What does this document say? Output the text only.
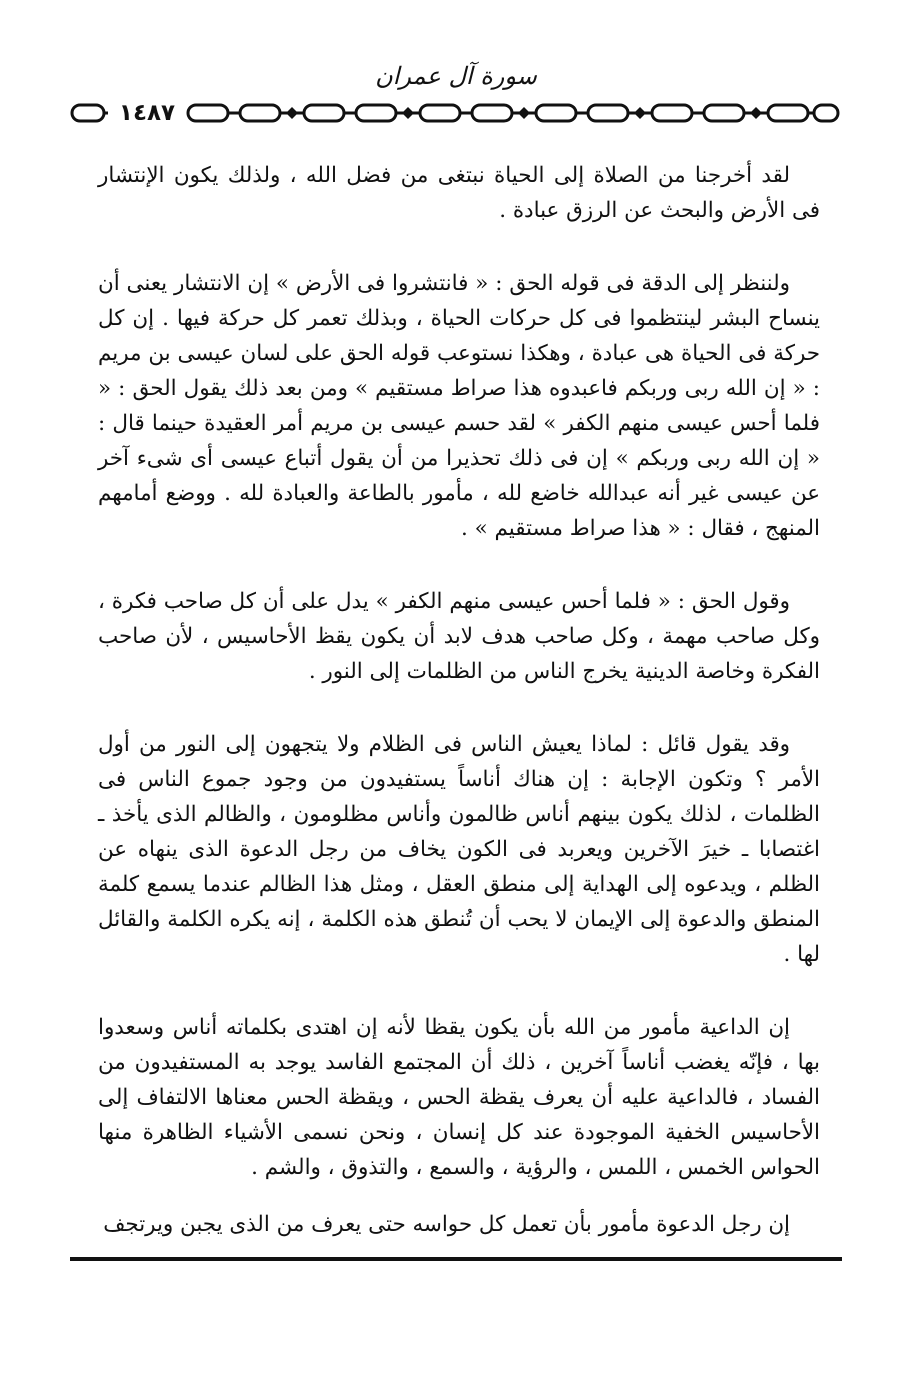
سورة آل عمران
١٤٨٧

لقد أخرجنا من الصلاة إلى الحياة نبتغى من فضل الله ، ولذلك يكون الإنتشار فى الأرض والبحث عن الرزق عبادة .

ولننظر إلى الدقة فى قوله الحق : « فانتشروا فى الأرض » إن الانتشار يعنى أن ينساح البشر لينتظموا فى كل حركات الحياة ، وبذلك تعمر كل حركة فيها . إن كل حركة فى الحياة هى عبادة ، وهكذا نستوعب قوله الحق على لسان عيسى بن مريم : « إن الله ربى وربكم فاعبدوه هذا صراط مستقيم » ومن بعد ذلك يقول الحق : « فلما أحس عيسى منهم الكفر » لقد حسم عيسى بن مريم أمر العقيدة حينما قال : « إن الله ربى وربكم » إن فى ذلك تحذيرا من أن يقول أتباع عيسى أى شىء آخر عن عيسى غير أنه عبدالله خاضع لله ، مأمور بالطاعة والعبادة لله . ووضع أمامهم المنهج ، فقال : « هذا صراط مستقيم » .

وقول الحق : « فلما أحس عيسى منهم الكفر » يدل على أن كل صاحب فكرة ، وكل صاحب مهمة ، وكل صاحب هدف لابد أن يكون يقظ الأحاسيس ، لأن صاحب الفكرة وخاصة الدينية يخرج الناس من الظلمات إلى النور .

وقد يقول قائل : لماذا يعيش الناس فى الظلام ولا يتجهون إلى النور من أول الأمر ؟ وتكون الإجابة : إن هناك أناساً يستفيدون من وجود جموع الناس فى الظلمات ، لذلك يكون بينهم أناس ظالمون وأناس مظلومون ، والظالم الذى يأخذ ـ اغتصابا ـ خيرَ الآخرين ويعربد فى الكون يخاف من رجل الدعوة الذى ينهاه عن الظلم ، ويدعوه إلى الهداية إلى منطق العقل ، ومثل هذا الظالم عندما يسمع كلمة المنطق والدعوة إلى الإيمان لا يحب أن تُنطق هذه الكلمة ، إنه يكره الكلمة والقائل لها .

إن الداعية مأمور من الله بأن يكون يقظا لأنه إن اهتدى بكلماته أناس وسعدوا بها ، فإنّه يغضب أناساً آخرين ، ذلك أن المجتمع الفاسد يوجد به المستفيدون من الفساد ، فالداعية عليه أن يعرف يقظة الحس ، ويقظة الحس معناها الالتفاف إلى الأحاسيس الخفية الموجودة عند كل إنسان ، ونحن نسمى الأشياء الظاهرة منها الحواس الخمس ، اللمس ، والرؤية ، والسمع ، والتذوق ، والشم .

إن رجل الدعوة مأمور بأن تعمل كل حواسه حتى يعرف من الذى يجبن ويرتجف
